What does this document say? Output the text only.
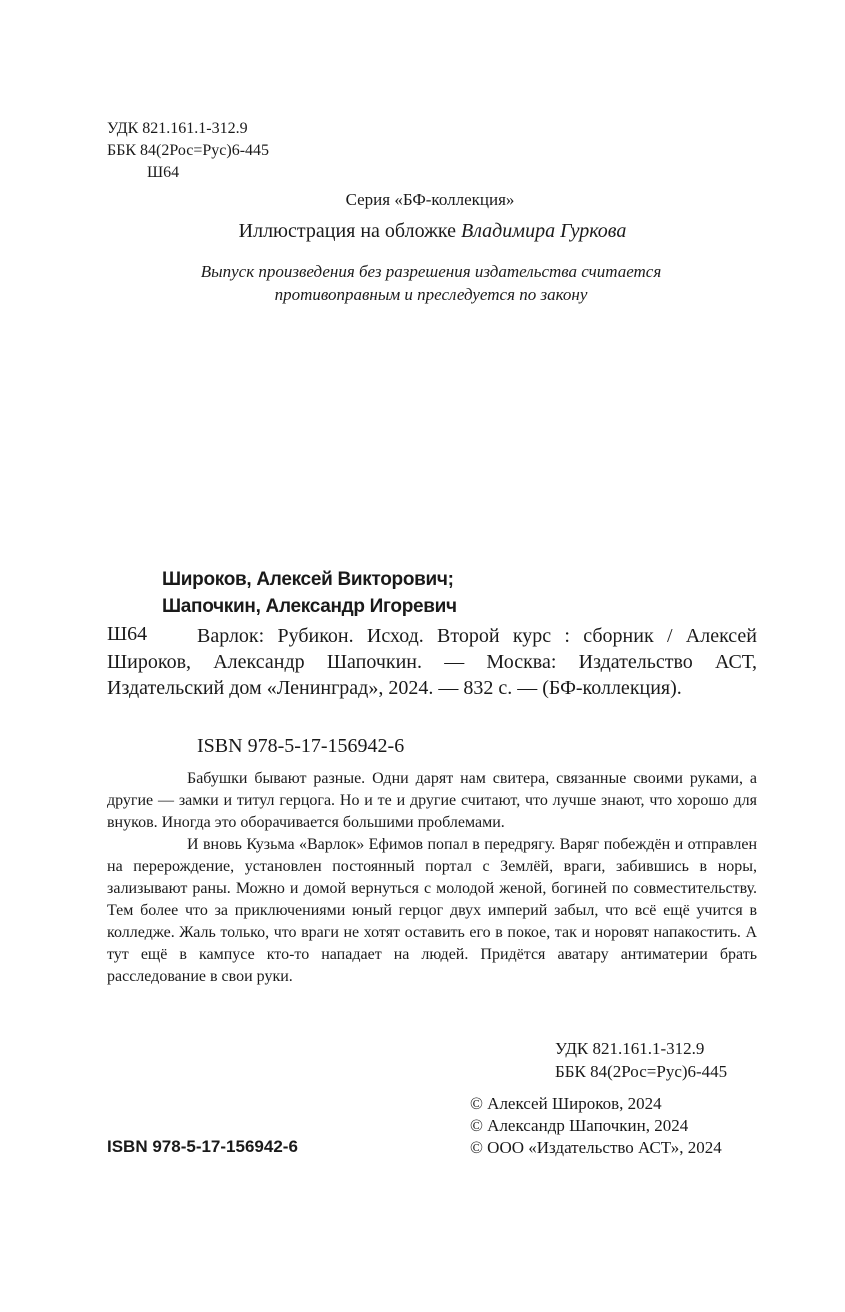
УДК 821.161.1-312.9
ББК 84(2Рос=Рус)6-445
Ш64
Серия «БФ-коллекция»
Иллюстрация на обложке Владимира Гуркова
Выпуск произведения без разрешения издательства считается
противоправным и преследуется по закону
Широков, Алексей Викторович;
Шапочкин, Александр Игоревич
Ш64	Варлок: Рубикон. Исход. Второй курс : сборник / Алексей Широков, Александр Шапочкин. — Москва: Издательство АСТ, Издательский дом «Ленинград», 2024. — 832 с. — (БФ-коллекция).

ISBN 978-5-17-156942-6

Бабушки бывают разные. Одни дарят нам свитера, связанные своими руками, а другие — замки и титул герцога. Но и те и другие считают, что лучше знают, что хорошо для внуков. Иногда это оборачивается большими проблемами.

И вновь Кузьма «Варлок» Ефимов попал в передрягу. Варяг побеждён и отправлен на перерождение, установлен постоянный портал с Землёй, враги, забившись в норы, зализывают раны. Можно и домой вернуться с молодой женой, богиней по совместительству. Тем более что за приключениями юный герцог двух империй забыл, что всё ещё учится в колледже. Жаль только, что враги не хотят оставить его в покое, так и норовят напакостить. А тут ещё в кампусе кто-то нападает на людей. Придётся аватару антиматерии брать расследование в свои руки.

УДК 821.161.1-312.9
ББК 84(2Рос=Рус)6-445
© Алексей Широков, 2024
© Александр Шапочкин, 2024
© ООО «Издательство АСТ», 2024
ISBN 978-5-17-156942-6
